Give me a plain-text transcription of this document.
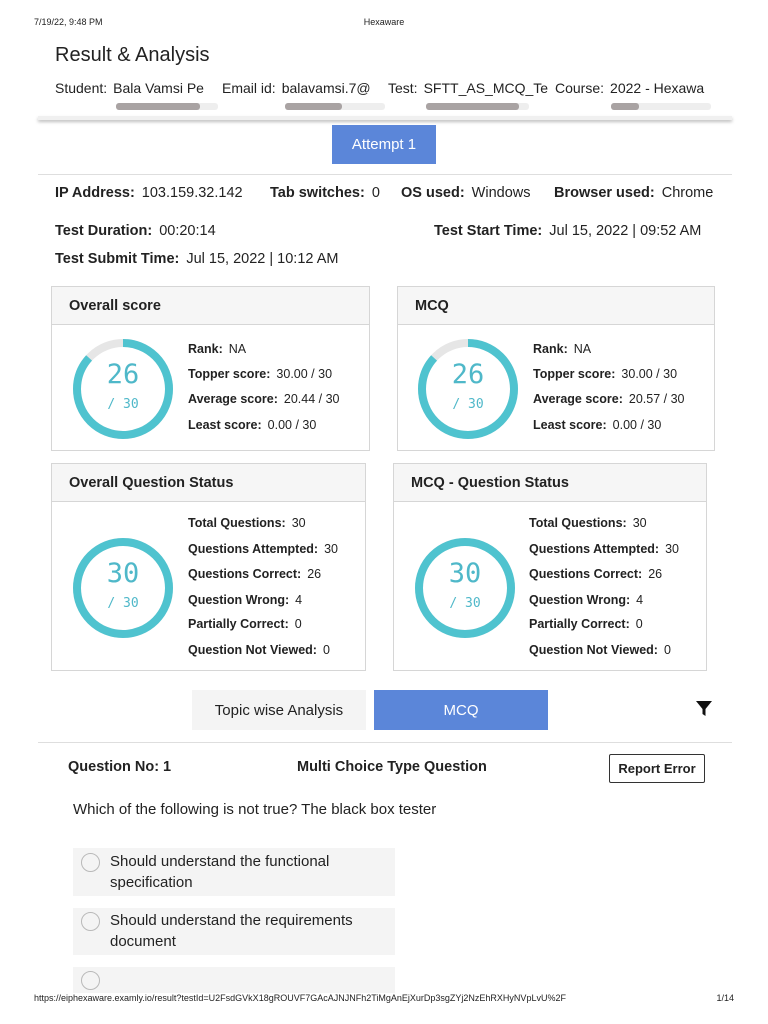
7/19/22, 9:48 PM	Hexaware
Result & Analysis
Student: Bala Vamsi Pe	Email id: balavamsi.7@	Test: SFTT_AS_MCQ_Te Course: 2022 - Hexawa
Attempt 1
IP Address: 103.159.32.142 Tab switches: 0 OS used: Windows Browser used: Chrome
Test Duration: 00:20:14	Test Start Time: Jul 15, 2022 | 09:52 AM
Test Submit Time: Jul 15, 2022 | 10:12 AM
Overall score
26
/ 30
Rank: NA
Topper score: 30.00 / 30
Average score: 20.44 / 30
Least score: 0.00 / 30
MCQ
26
/ 30
Rank: NA
Topper score: 30.00 / 30
Average score: 20.57 / 30
Least score: 0.00 / 30
Overall Question Status
30
/ 30
Total Questions: 30
Questions Attempted: 30
Questions Correct: 26
Question Wrong: 4
Partially Correct: 0
Question Not Viewed: 0
MCQ - Question Status
30
/ 30
Total Questions: 30
Questions Attempted: 30
Questions Correct: 26
Question Wrong: 4
Partially Correct: 0
Question Not Viewed: 0
Topic wise Analysis	MCQ
Question No: 1	Multi Choice Type Question	Report Error
Which of the following is not true? The black box tester
Should understand the functional specification
Should understand the requirements document
https://eiphexaware.examly.io/result?testId=U2FsdGVkX18gROUVF7GAcAJNJNFh2TiMgAnEjXurDp3sgZYj2NzEhRXHyNVpLvU%2F	1/14
